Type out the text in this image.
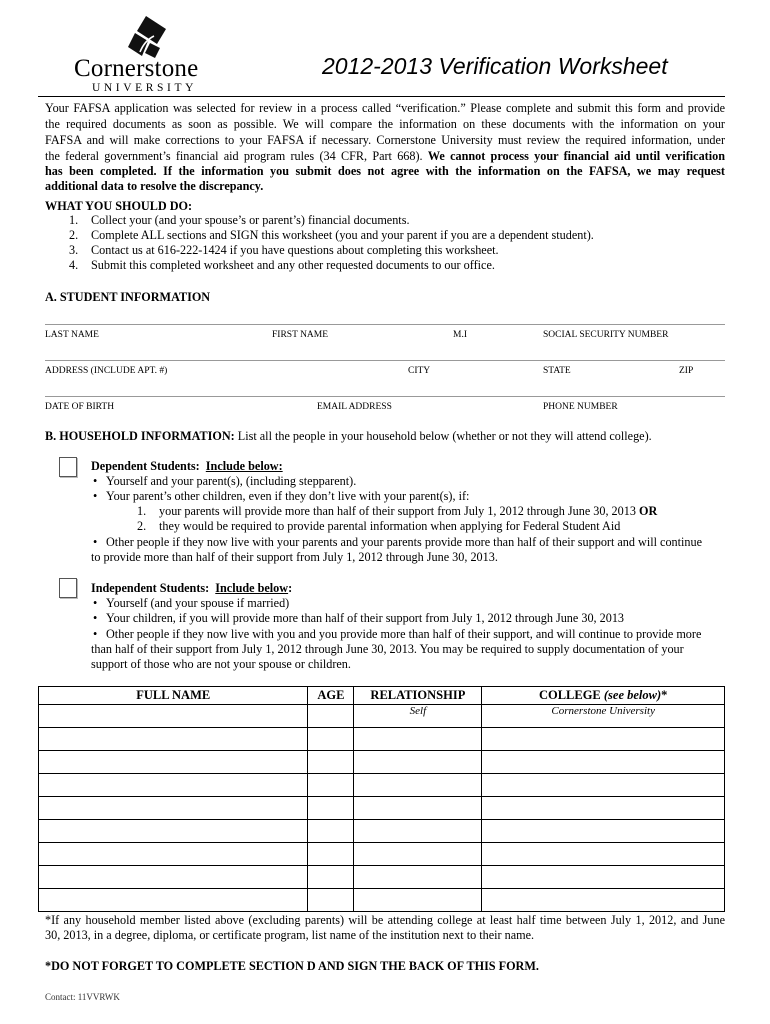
Cornerstone
UNIVERSITY
2012-2013 Verification Worksheet
Your FAFSA application was selected for review in a process called “verification.” Please complete and submit this form and provide
the required documents as soon as possible. We will compare the information on these documents with the information on your
FAFSA and will make corrections to your FAFSA if necessary. Cornerstone University must review the required information, under
the federal government’s financial aid program rules (34 CFR, Part 668). We cannot process your financial aid until verification
has been completed. If the information you submit does not agree with the information on the FAFSA, we may request
additional data to resolve the discrepancy.
WHAT YOU SHOULD DO:
1. Collect your (and your spouse’s or parent’s) financial documents.
2. Complete ALL sections and SIGN this worksheet (you and your parent if you are a dependent student).
3. Contact us at 616-222-1424 if you have questions about completing this worksheet.
4. Submit this completed worksheet and any other requested documents to our office.
A. STUDENT INFORMATION
LAST NAME	FIRST NAME	M.I	SOCIAL SECURITY NUMBER
ADDRESS (INCLUDE APT. #)	CITY	STATE	ZIP
DATE OF BIRTH	EMAIL ADDRESS	PHONE NUMBER
B. HOUSEHOLD INFORMATION: List all the people in your household below (whether or not they will attend college).
Dependent Students: Include below:
• Yourself and your parent(s), (including stepparent).
• Your parent’s other children, even if they don’t live with your parent(s), if:
1. your parents will provide more than half of their support from July 1, 2012 through June 30, 2013 OR
2. they would be required to provide parental information when applying for Federal Student Aid
• Other people if they now live with your parents and your parents provide more than half of their support and will continue
to provide more than half of their support from July 1, 2012 through June 30, 2013.
Independent Students: Include below:
• Yourself (and your spouse if married)
• Your children, if you will provide more than half of their support from July 1, 2012 through June 30, 2013
• Other people if they now live with you and you provide more than half of their support, and will continue to provide more
than half of their support from July 1, 2012 through June 30, 2013. You may be required to supply documentation of your
support of those who are not your spouse or children.
FULL NAME	AGE	RELATIONSHIP	COLLEGE (see below)*
		Self	Cornerstone University

*If any household member listed above (excluding parents) will be attending college at least half time between July 1, 2012, and June
30, 2013, in a degree, diploma, or certificate program, list name of the institution next to their name.
*DO NOT FORGET TO COMPLETE SECTION D AND SIGN THE BACK OF THIS FORM.
Contact: 11VVRWK
